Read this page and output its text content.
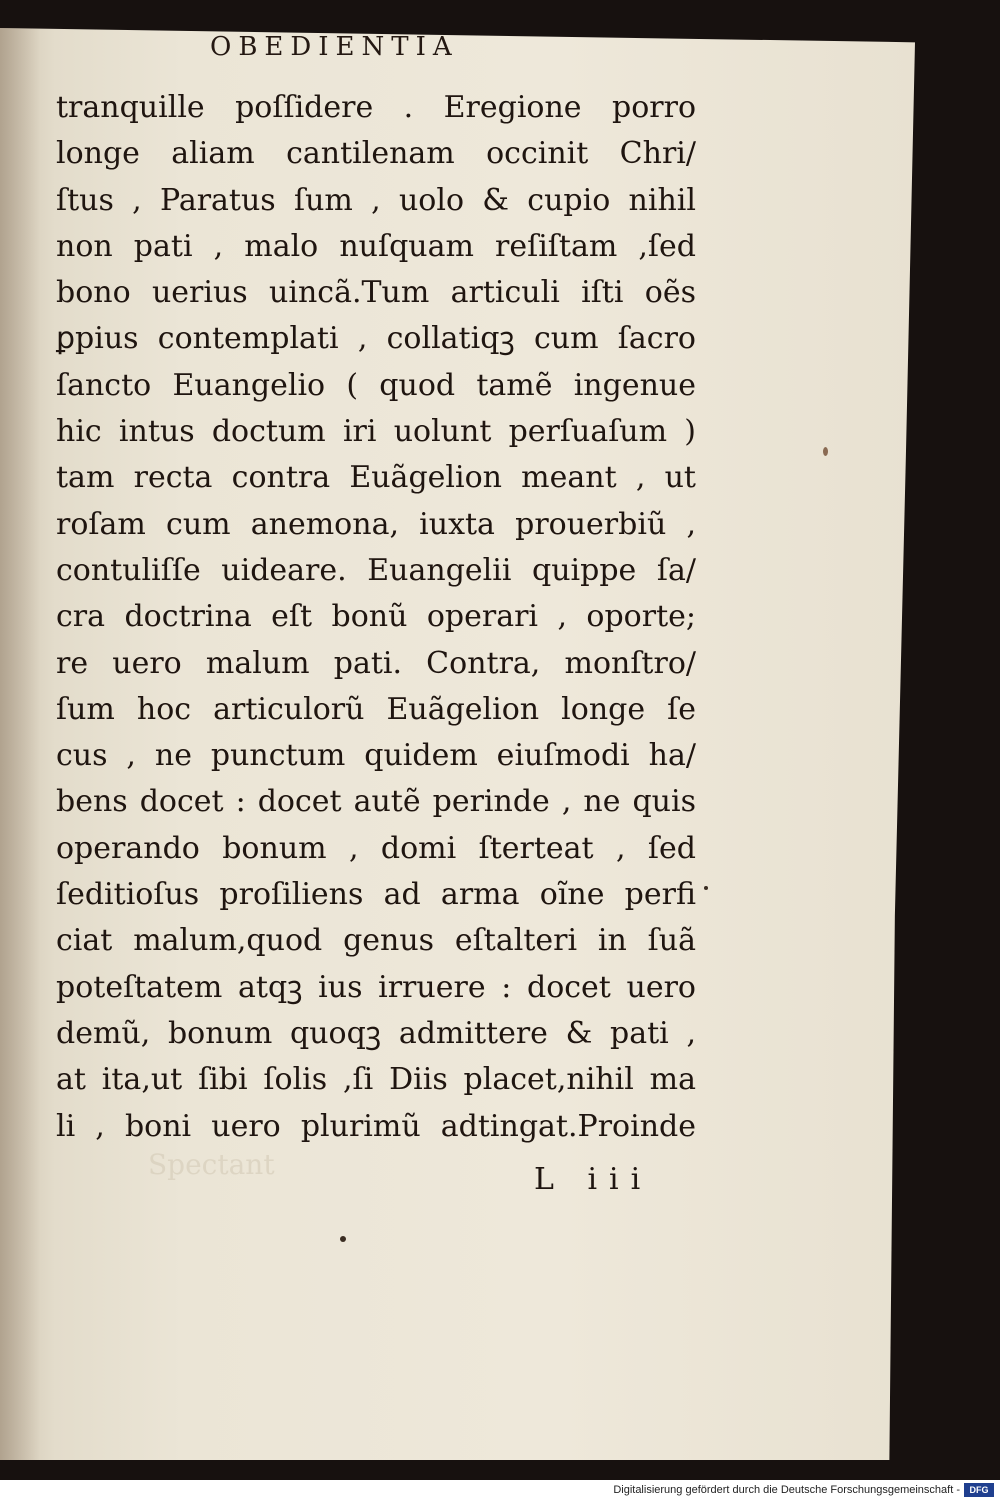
OBEDIENTIA
tranquille poſſidere . Eregione porro
longe aliam cantilenam occinit Chri/
ſtus , Paratus ſum , uolo & cupio nihil
non pati , malo nuſquam reſiſtam ,ſed
bono uerius uincã.Tum articuli iſti oẽs
ꝑpius contemplati , collatiqꝫ cum ſacro
ſancto Euangelio ( quod tamẽ ingenue
hic intus doctum iri uolunt perſuaſum )
tam recta contra Euãgelion meant , ut
roſam cum anemona, iuxta prouerbiũ ,
contuliſſe uideare. Euangelii quippe ſa/
cra doctrina eſt bonũ operari , oporte;
re uero malum pati. Contra, monſtro/
ſum hoc articulorũ Euãgelion longe ſe
cus , ne punctum quidem eiuſmodi ha/
bens docet : docet autẽ perinde , ne quis
operando bonum , domi ſterteat , ſed
ſeditioſus proſiliens ad arma oĩne perfi
ciat malum,quod genus eſtalteri in ſuã
poteſtatem atqꝫ ius irruere : docet uero
demũ, bonum quoqꝫ admittere & pati ,
at ita,ut ſibi ſolis ,ſi Diis placet,nihil ma
li , boni uero plurimũ adtingat.Proinde
Spectant	L iii
Digitalisierung gefördert durch die Deutsche Forschungsgemeinschaft -	DFG
